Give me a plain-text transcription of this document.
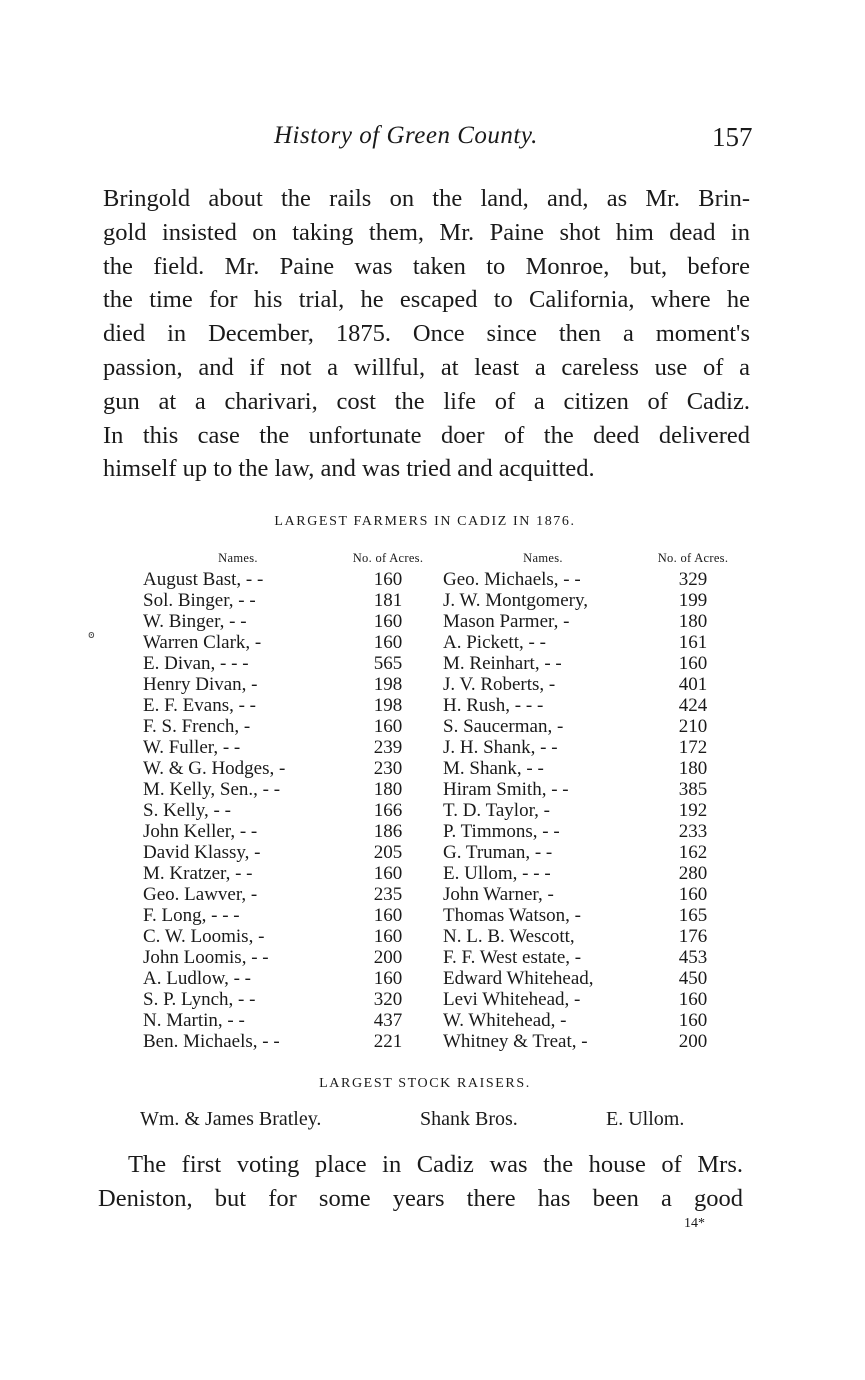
History of Green County.	157

Bringold about the rails on the land, and, as Mr. Brin-
gold insisted on taking them, Mr. Paine shot him dead in
the field. Mr. Paine was taken to Monroe, but, before
the time for his trial, he escaped to California, where he
died in December, 1875. Once since then a moment's
passion, and if not a willful, at least a careless use of a
gun at a charivari, cost the life of a citizen of Cadiz.
In this case the unfortunate doer of the deed delivered
himself up to the law, and was tried and acquitted.

LARGEST FARMERS IN CADIZ IN 1876.
Names.	No. of Acres.	Names.	No. of Acres.
August Bast, - -	160	Geo. Michaels, - -	329
Sol. Binger, - -	181	J. W. Montgomery,	199
W. Binger, - -	160	Mason Parmer, -	180
Warren Clark, -	160	A. Pickett, - -	161
E. Divan, - - -	565	M. Reinhart, - -	160
Henry Divan, -	198	J. V. Roberts, -	401
E. F. Evans, - -	198	H. Rush, - - -	424
F. S. French, -	160	S. Saucerman, -	210
W. Fuller, - -	239	J. H. Shank, - -	172
W. & G. Hodges, -	230	M. Shank, - -	180
M. Kelly, Sen., - -	180	Hiram Smith, - -	385
S. Kelly, - -	166	T. D. Taylor, -	192
John Keller, - -	186	P. Timmons, - -	233
David Klassy, -	205	G. Truman, - -	162
M. Kratzer, - -	160	E. Ullom, - - -	280
Geo. Lawver, -	235	John Warner, -	160
F. Long, - - -	160	Thomas Watson, -	165
C. W. Loomis, -	160	N. L. B. Wescott,	176
John Loomis, - -	200	F. F. West estate, -	453
A. Ludlow, - -	160	Edward Whitehead,	450
S. P. Lynch, - -	320	Levi Whitehead, -	160
N. Martin, - -	437	W. Whitehead, -	160
Ben. Michaels, - -	221	Whitney & Treat, -	200
ꙩ
LARGEST STOCK RAISERS.
Wm. & James Bratley.	Shank Bros.	E. Ullom.

The first voting place in Cadiz was the house of Mrs.
Deniston, but for some years there has been a good

14*
